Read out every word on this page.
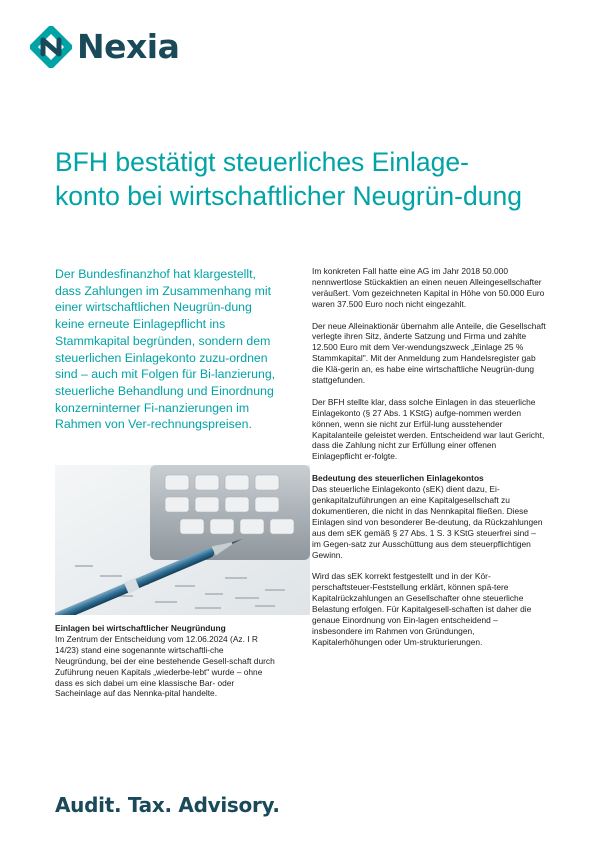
Nexia
BFH bestätigt steuerliches Einlage-konto bei wirtschaftlicher Neugrün-dung

Der Bundesfinanzhof hat klargestellt, dass Zahlungen im Zusammenhang mit einer wirtschaftlichen Neugrün-dung keine erneute Einlagepflicht ins Stammkapital begründen, sondern dem steuerlichen Einlagekonto zuzu-ordnen sind – auch mit Folgen für Bi-lanzierung, steuerliche Behandlung und Einordnung konzerninterner Fi-nanzierungen im Rahmen von Ver-rechnungspreisen.

Einlagen bei wirtschaftlicher Neugründung

Im Zentrum der Entscheidung vom 12.06.2024 (Az. I R 14/23) stand eine sogenannte wirtschaftli-che Neugründung, bei der eine bestehende Gesell-schaft durch Zuführung neuen Kapitals „wiederbe-lebt" wurde – ohne dass es sich dabei um eine klassische Bar- oder Sacheinlage auf das Nennka-pital handelte.

Im konkreten Fall hatte eine AG im Jahr 2018 50.000 nennwertlose Stückaktien an einen neuen Alleingesellschafter veräußert. Vom gezeichneten Kapital in Höhe von 50.000 Euro waren 37.500 Euro noch nicht eingezahlt.

Der neue Alleinaktionär übernahm alle Anteile, die Gesellschaft verlegte ihren Sitz, änderte Satzung und Firma und zahlte 12.500 Euro mit dem Ver-wendungszweck „Einlage 25 % Stammkapital". Mit der Anmeldung zum Handelsregister gab die Klä-gerin an, es habe eine wirtschaftliche Neugrün-dung stattgefunden.

Der BFH stellte klar, dass solche Einlagen in das steuerliche Einlagekonto (§ 27 Abs. 1 KStG) aufge-nommen werden können, wenn sie nicht zur Erfül-lung ausstehender Kapitalanteile geleistet werden. Entscheidend war laut Gericht, dass die Zahlung nicht zur Erfüllung einer offenen Einlagepflicht er-folgte.

Bedeutung des steuerlichen Einlagekontos

Das steuerliche Einlagekonto (sEK) dient dazu, Ei-genkapitalzuführungen an eine Kapitalgesellschaft zu dokumentieren, die nicht in das Nennkapital fließen. Diese Einlagen sind von besonderer Be-deutung, da Rückzahlungen aus dem sEK gemäß § 27 Abs. 1 S. 3 KStG steuerfrei sind – im Gegen-satz zur Ausschüttung aus dem steuerpflichtigen Gewinn.

Wird das sEK korrekt festgestellt und in der Kör-perschaftsteuer-Feststellung erklärt, können spä-tere Kapitalrückzahlungen an Gesellschafter ohne steuerliche Belastung erfolgen. Für Kapitalgesell-schaften ist daher die genaue Einordnung von Ein-lagen entscheidend – insbesondere im Rahmen von Gründungen, Kapitalerhöhungen oder Um-strukturierungen.

Audit. Tax. Advisory.
